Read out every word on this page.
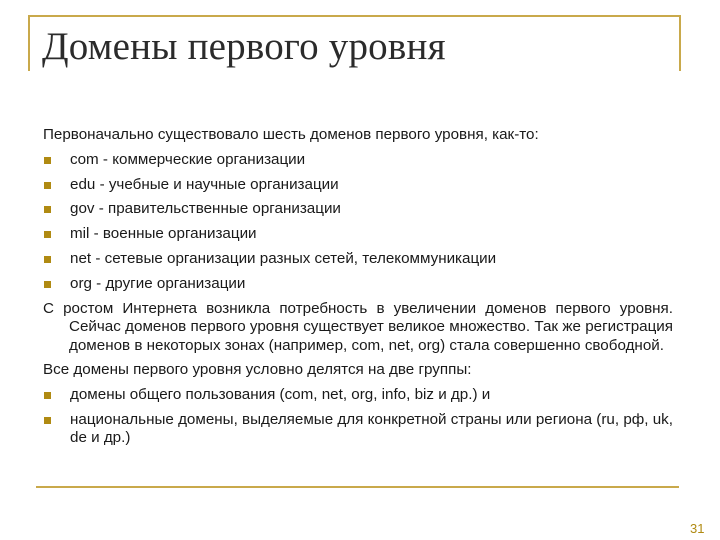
Домены первого уровня
Первоначально существовало шесть доменов первого уровня, как-то:
com - коммерческие организации
edu - учебные и научные организации
gov - правительственные организации
mil - военные организации
net - сетевые организации разных сетей, телекоммуникации
org - другие организации
С ростом Интернета возникла потребность в увеличении доменов первого уровня. Сейчас доменов первого уровня существует великое множество. Так же регистрация доменов в некоторых зонах (например, com, net, org) стала совершенно свободной.
Все домены первого уровня условно делятся на две группы:
домены общего пользования (com, net, org, info, biz и др.) и
национальные домены, выделяемые для конкретной страны или региона (ru, рф, uk, de и др.)
31
